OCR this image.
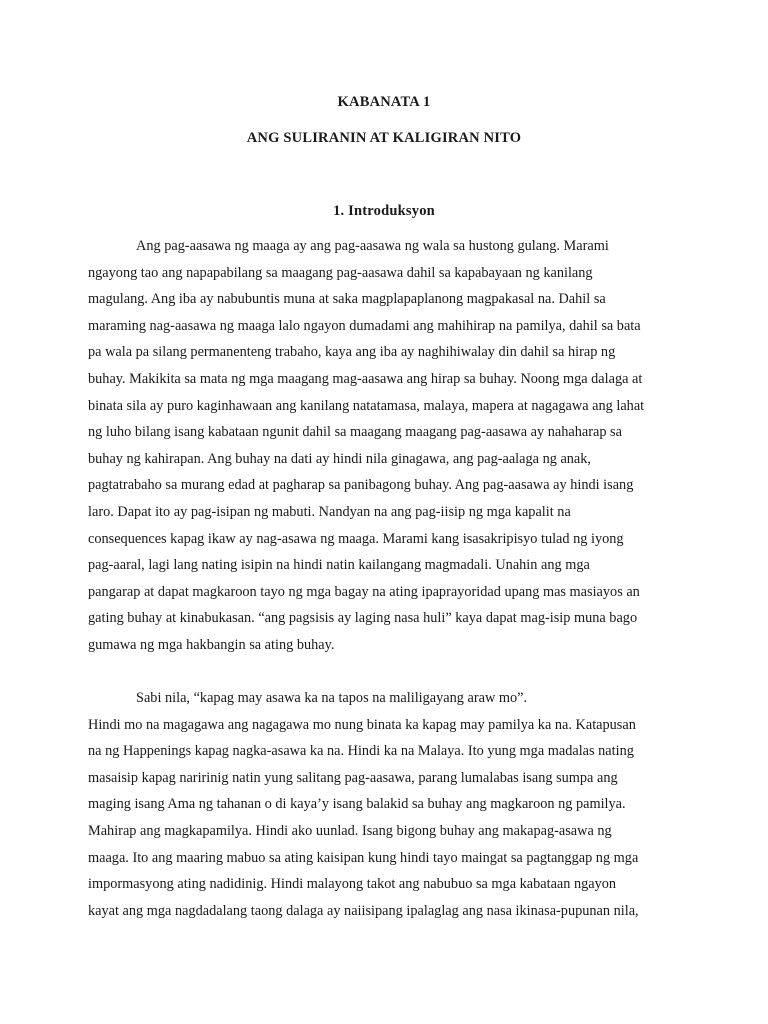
KABANATA 1
ANG SULIRANIN AT KALIGIRAN NITO
1. Introduksyon
Ang pag-aasawa ng maaga ay ang pag-aasawa ng wala sa hustong gulang. Marami
ngayong tao ang napapabilang sa maagang pag-aasawa dahil sa kapabayaan ng kanilang
magulang. Ang iba ay nabubuntis muna at saka magplapaplanong magpakasal na. Dahil sa
maraming nag-aasawa ng maaga lalo ngayon dumadami ang mahihirap na pamilya, dahil sa bata
pa wala pa silang permanenteng trabaho, kaya ang iba ay naghihiwalay din dahil sa hirap ng
buhay. Makikita sa mata ng mga maagang mag-aasawa ang hirap sa buhay. Noong mga dalaga at
binata sila ay puro kaginhawaan ang kanilang natatamasa, malaya, mapera at nagagawa ang lahat
ng luho bilang isang kabataan ngunit dahil sa maagang maagang pag-aasawa ay nahaharap sa
buhay ng kahirapan. Ang buhay na dati ay hindi nila ginagawa, ang pag-aalaga ng anak,
pagtatrabaho sa murang edad at pagharap sa panibagong buhay. Ang pag-aasawa ay hindi isang
laro. Dapat ito ay pag-isipan ng mabuti. Nandyan na ang pag-iisip ng mga kapalit na
consequences kapag ikaw ay nag-asawa ng maaga. Marami kang isasakripisyo tulad ng iyong
pag-aaral, lagi lang nating isipin na hindi natin kailangang magmadali. Unahin ang mga
pangarap at dapat magkaroon tayo ng mga bagay na ating ipaprayoridad upang mas masiayos an
gating buhay at kinabukasan. “ang pagsisis ay laging nasa huli” kaya dapat mag-isip muna bago
gumawa ng mga hakbangin sa ating buhay.
Sabi nila, “kapag may asawa ka na tapos na maliligayang araw mo”.
Hindi mo na magagawa ang nagagawa mo nung binata ka kapag may pamilya ka na. Katapusan
na ng Happenings kapag nagka-asawa ka na. Hindi ka na Malaya. Ito yung mga madalas nating
masaisip kapag naririnig natin yung salitang pag-aasawa, parang lumalabas isang sumpa ang
maging isang Ama ng tahanan o di kaya’y isang balakid sa buhay ang magkaroon ng pamilya.
Mahirap ang magkapamilya. Hindi ako uunlad. Isang bigong buhay ang makapag-asawa ng
maaga. Ito ang maaring mabuo sa ating kaisipan kung hindi tayo maingat sa pagtanggap ng mga
impormasyong ating nadidinig. Hindi malayong takot ang nabubuo sa mga kabataan ngayon
kayat ang mga nagdadalang taong dalaga ay naiisipang ipalaglag ang nasa ikinasa-pupunan nila,
